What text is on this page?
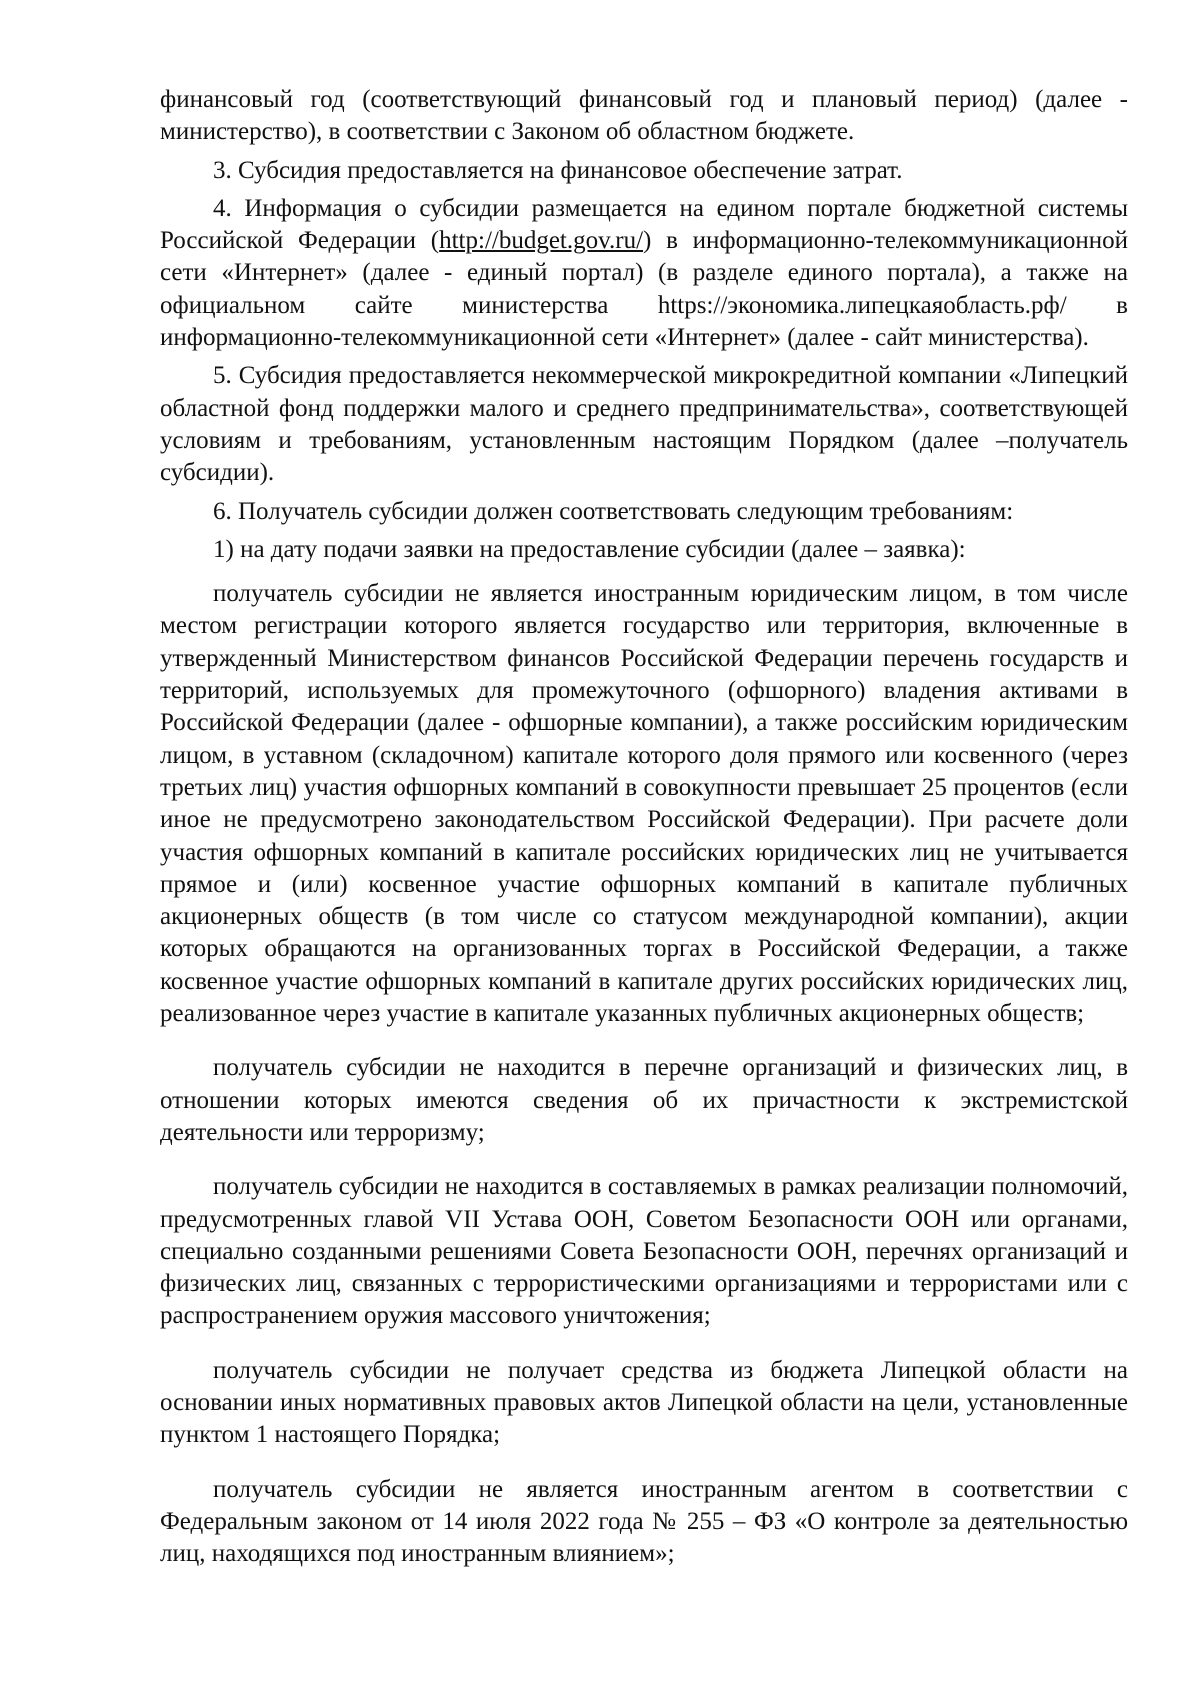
финансовый год (соответствующий финансовый год и плановый период) (далее - министерство), в соответствии с Законом об областном бюджете.

3. Субсидия предоставляется на финансовое обеспечение затрат.

4. Информация о субсидии размещается на едином портале бюджетной системы Российской Федерации (http://budget.gov.ru/) в информационно-телекоммуникационной сети «Интернет» (далее - единый портал) (в разделе единого портала), а также на официальном сайте министерства https://экономика.липецкаяобласть.рф/ в информационно-телекоммуникационной сети «Интернет» (далее - сайт министерства).

5. Субсидия предоставляется некоммерческой микрокредитной компании «Липецкий областной фонд поддержки малого и среднего предпринимательства», соответствующей условиям и требованиям, установленным настоящим Порядком (далее –получатель субсидии).

6. Получатель субсидии должен соответствовать следующим требованиям:

1) на дату подачи заявки на предоставление субсидии (далее – заявка):

получатель субсидии не является иностранным юридическим лицом, в том числе местом регистрации которого является государство или территория, включенные в утвержденный Министерством финансов Российской Федерации перечень государств и территорий, используемых для промежуточного (офшорного) владения активами в Российской Федерации (далее - офшорные компании), а также российским юридическим лицом, в уставном (складочном) капитале которого доля прямого или косвенного (через третьих лиц) участия офшорных компаний в совокупности превышает 25 процентов (если иное не предусмотрено законодательством Российской Федерации). При расчете доли участия офшорных компаний в капитале российских юридических лиц не учитывается прямое и (или) косвенное участие офшорных компаний в капитале публичных акционерных обществ (в том числе со статусом международной компании), акции которых обращаются на организованных торгах в Российской Федерации, а также косвенное участие офшорных компаний в капитале других российских юридических лиц, реализованное через участие в капитале указанных публичных акционерных обществ;

получатель субсидии не находится в перечне организаций и физических лиц, в отношении которых имеются сведения об их причастности к экстремистской деятельности или терроризму;

получатель субсидии не находится в составляемых в рамках реализации полномочий, предусмотренных главой VII Устава ООН, Советом Безопасности ООН или органами, специально созданными решениями Совета Безопасности ООН, перечнях организаций и физических лиц, связанных с террористическими организациями и террористами или с распространением оружия массового уничтожения;

получатель субсидии не получает средства из бюджета Липецкой области на основании иных нормативных правовых актов Липецкой области на цели, установленные пунктом 1 настоящего Порядка;

получатель субсидии не является иностранным агентом в соответствии с Федеральным законом от 14 июля 2022 года № 255 – ФЗ «О контроле за деятельностью лиц, находящихся под иностранным влиянием»;
